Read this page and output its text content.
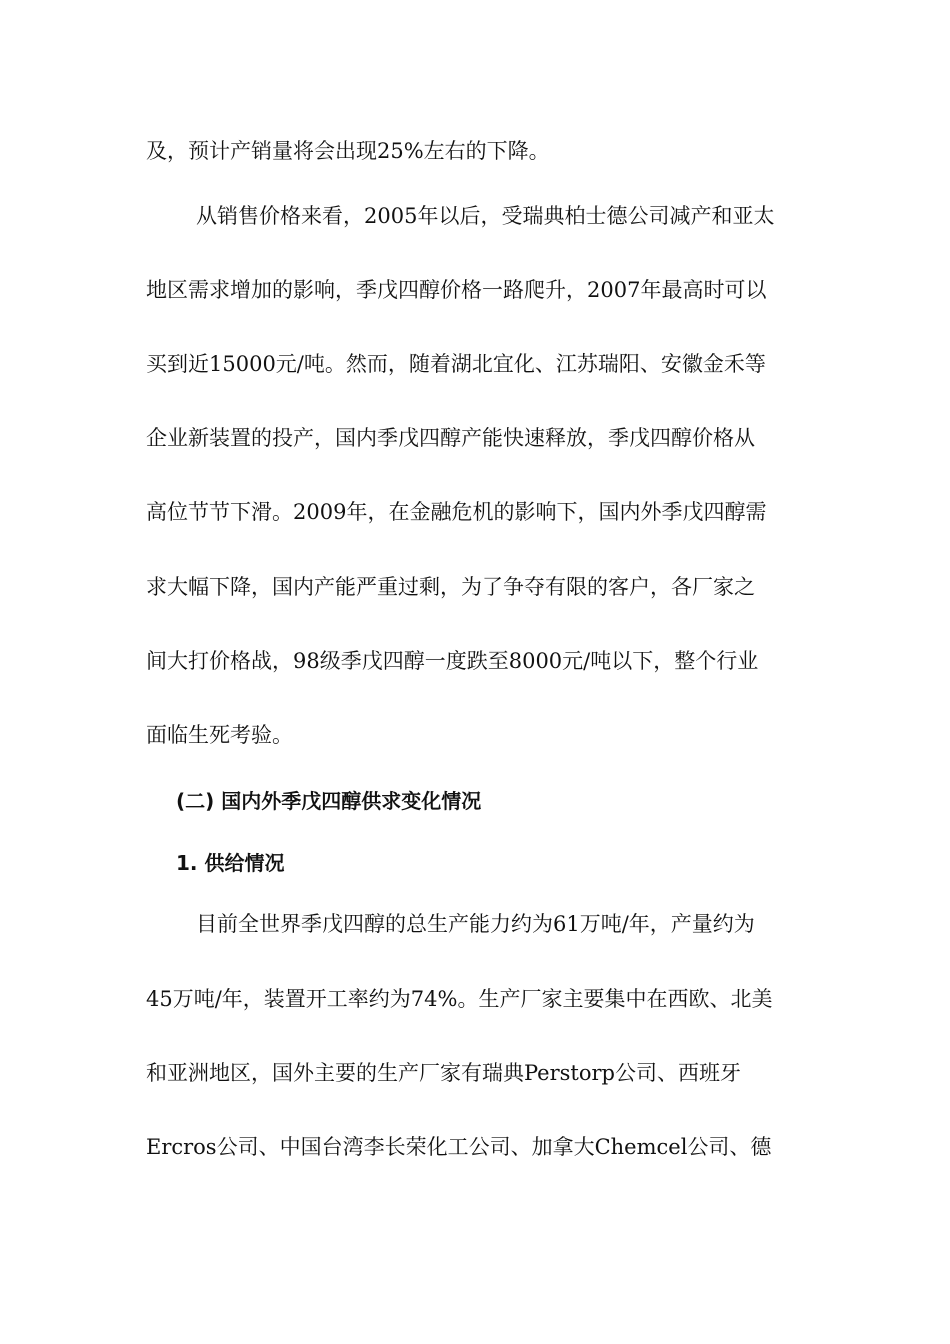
及，预计产销量将会出现25%左右的下降。
从销售价格来看，2005年以后，受瑞典柏士德公司减产和亚太
地区需求增加的影响，季戊四醇价格一路爬升，2007年最高时可以
买到近15000元/吨。然而，随着湖北宜化、江苏瑞阳、安徽金禾等
企业新装置的投产，国内季戊四醇产能快速释放，季戊四醇价格从
高位节节下滑。2009年，在金融危机的影响下，国内外季戊四醇需
求大幅下降，国内产能严重过剩，为了争夺有限的客户，各厂家之
间大打价格战，98级季戊四醇一度跌至8000元/吨以下，整个行业
面临生死考验。
(二) 国内外季戊四醇供求变化情况
1. 供给情况
目前全世界季戊四醇的总生产能力约为61万吨/年，产量约为
45万吨/年，装置开工率约为74%。生产厂家主要集中在西欧、北美
和亚洲地区，国外主要的生产厂家有瑞典Perstorp公司、西班牙
Ercros公司、中国台湾李长荣化工公司、加拿大Chemcel公司、德
